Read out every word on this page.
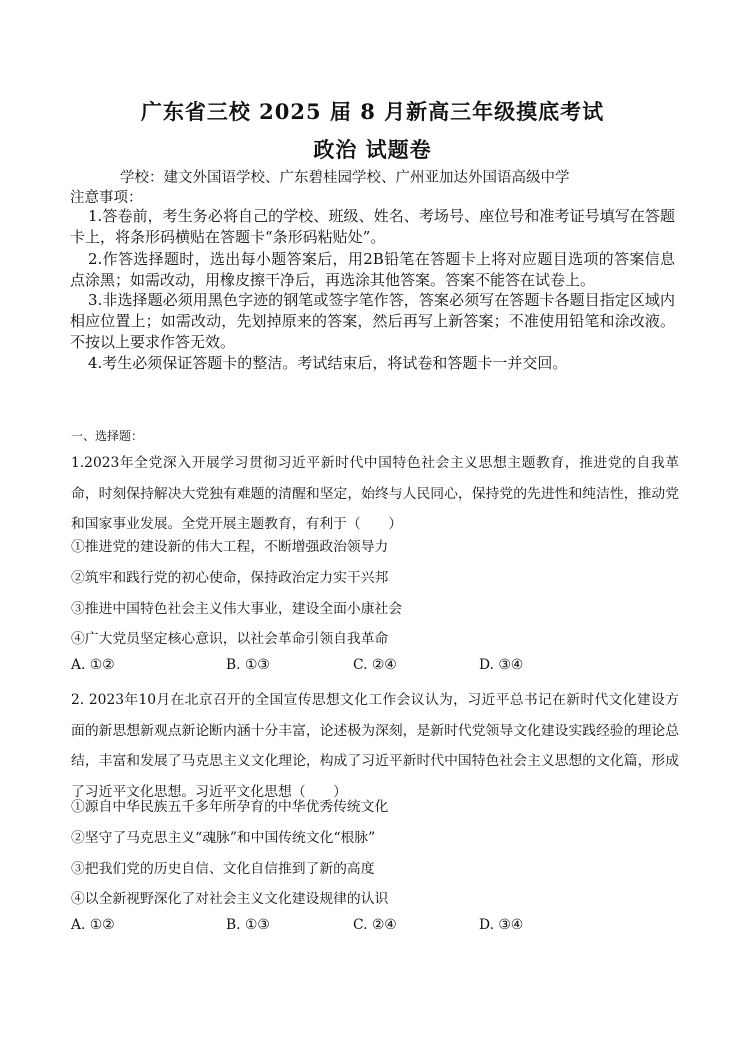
广东省三校 2025 届 8 月新高三年级摸底考试
政治 试题卷
学校：建文外国语学校、广东碧桂园学校、广州亚加达外国语高级中学
注意事项：
1.答卷前，考生务必将自己的学校、班级、姓名、考场号、座位号和准考证号填写在答题卡上，将条形码横贴在答题卡“条形码粘贴处”。
2.作答选择题时，选出每小题答案后，用2B铅笔在答题卡上将对应题目选项的答案信息点涂黑；如需改动，用橡皮擦干净后，再选涂其他答案。答案不能答在试卷上。
3.非选择题必须用黑色字迹的钢笔或签字笔作答，答案必须写在答题卡各题目指定区域内相应位置上；如需改动，先划掉原来的答案，然后再写上新答案；不准使用铅笔和涂改液。不按以上要求作答无效。
4.考生必须保证答题卡的整洁。考试结束后，将试卷和答题卡一并交回。
一、选择题：
1.2023年全党深入开展学习贯彻习近平新时代中国特色社会主义思想主题教育，推进党的自我革命，时刻保持解决大党独有难题的清醒和坚定，始终与人民同心，保持党的先进性和纯洁性，推动党和国家事业发展。全党开展主题教育，有利于（　　）
①推进党的建设新的伟大工程，不断增强政治领导力
②筑牢和践行党的初心使命，保持政治定力实干兴邦
③推进中国特色社会主义伟大事业，建设全面小康社会
④广大党员坚定核心意识，以社会革命引领自我革命
A. ①②	B. ①③	C. ②④	D. ③④
2. 2023年10月在北京召开的全国宣传思想文化工作会议认为，习近平总书记在新时代文化建设方面的新思想新观点新论断内涵十分丰富，论述极为深刻，是新时代党领导文化建设实践经验的理论总结，丰富和发展了马克思主义文化理论，构成了习近平新时代中国特色社会主义思想的文化篇，形成了习近平文化思想。习近平文化思想（　　）
①源自中华民族五千多年所孕育的中华优秀传统文化
②坚守了马克思主义“魂脉”和中国传统文化“根脉”
③把我们党的历史自信、文化自信推到了新的高度
④以全新视野深化了对社会主义文化建设规律的认识
A. ①②	B. ①③	C. ②④	D. ③④
